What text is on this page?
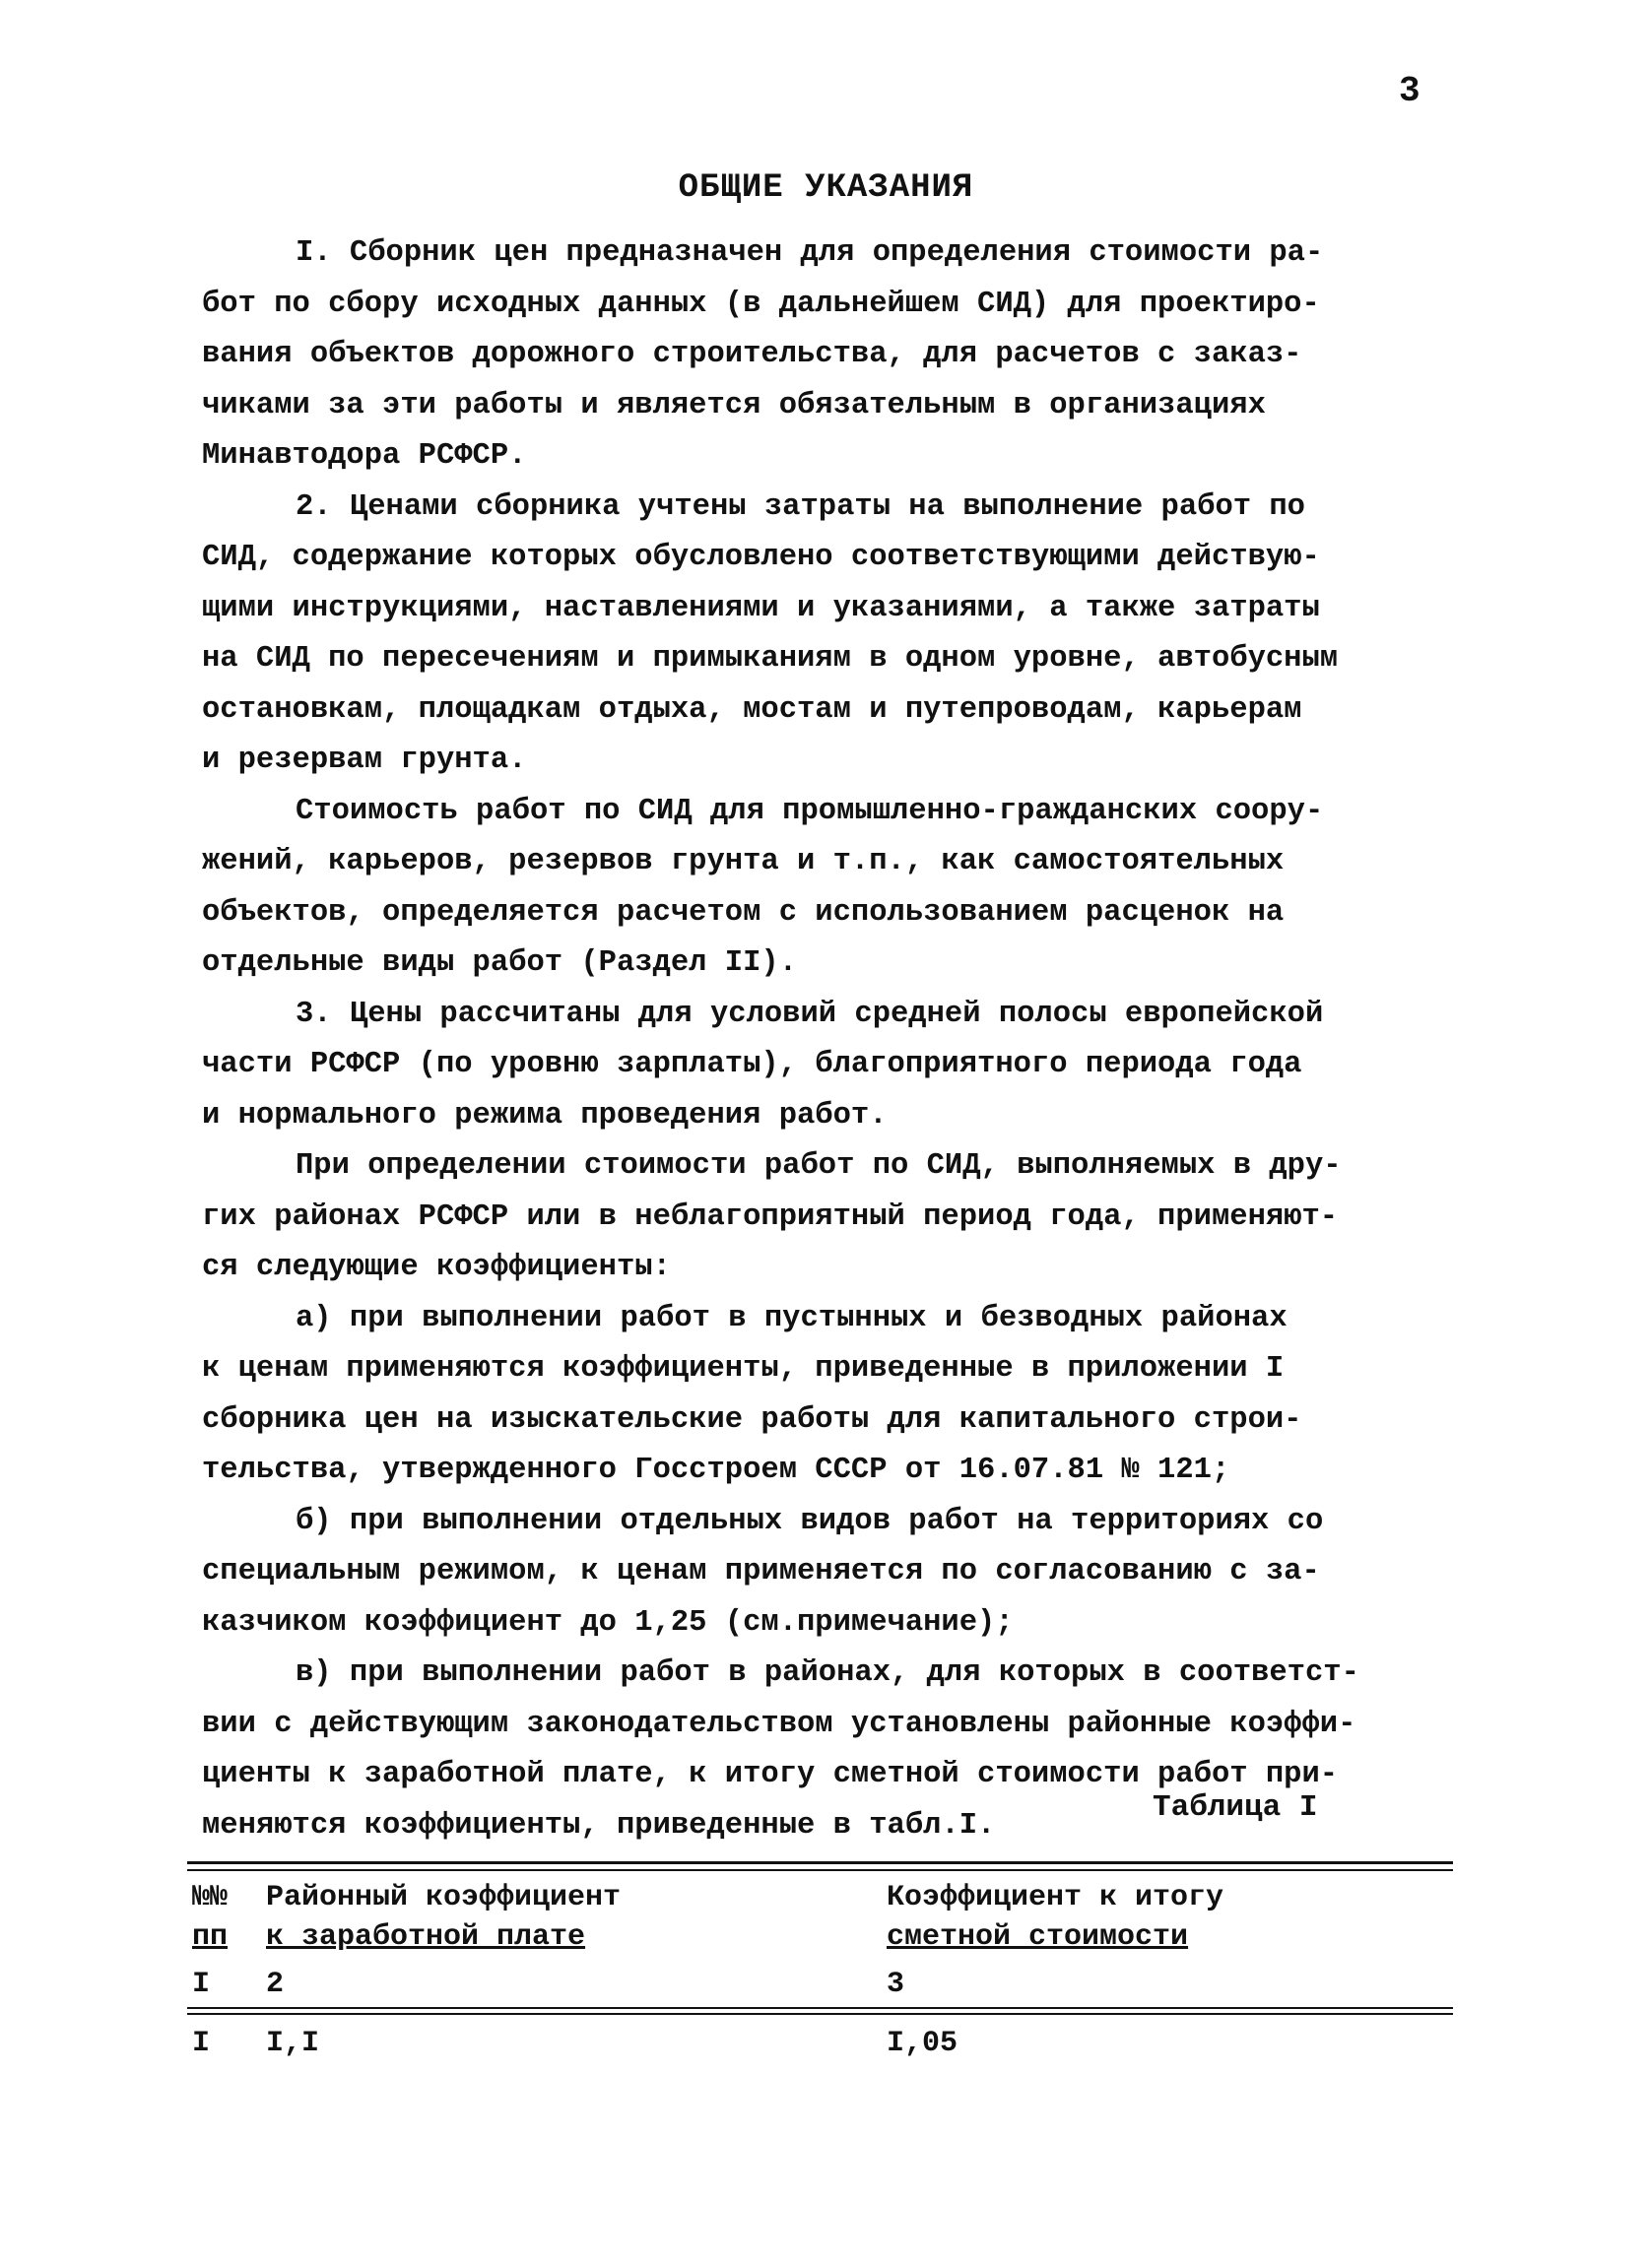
3
ОБЩИЕ УКАЗАНИЯ
I. Сборник цен предназначен для определения стоимости ра-
бот по сбору исходных данных (в дальнейшем СИД) для проектиро-
вания объектов дорожного строительства, для расчетов с заказ-
чиками за эти работы и является обязательным в организациях
Минавтодора РСФСР.
2. Ценами сборника учтены затраты на выполнение работ по
СИД, содержание которых обусловлено соответствующими действую-
щими инструкциями, наставлениями и указаниями, а также затраты
на СИД по пересечениям и примыканиям в одном уровне, автобусным
остановкам, площадкам отдыха, мостам и путепроводам, карьерам
и резервам грунта.
Стоимость работ по СИД для промышленно-гражданских соору-
жений, карьеров, резервов грунта и т.п., как самостоятельных
объектов, определяется расчетом с использованием расценок на
отдельные виды работ (Раздел II).
3. Цены рассчитаны для условий средней полосы европейской
части РСФСР (по уровню зарплаты), благоприятного периода года
и нормального режима проведения работ.
При определении стоимости работ по СИД, выполняемых в дру-
гих районах РСФСР или в неблагоприятный период года, применяют-
ся следующие коэффициенты:
а) при выполнении работ в пустынных и безводных районах
к ценам применяются коэффициенты, приведенные в приложении I
сборника цен на изыскательские работы для капитального строи-
тельства, утвержденного Госстроем СССР от 16.07.81 № 121;
б) при выполнении отдельных видов работ на территориях со
специальным режимом, к ценам применяется по согласованию с за-
казчиком коэффициент до 1,25 (см.примечание);
в) при выполнении работ в районах, для которых в соответст-
вии с действующим законодательством установлены районные коэффи-
циенты к заработной плате, к итогу сметной стоимости работ при-
меняются коэффициенты, приведенные в табл.I.
Таблица I
№№ Районный коэффициент	Коэффициент к итогу
пп к заработной плате	сметной стоимости
I 2	3
I I,I	I,05
